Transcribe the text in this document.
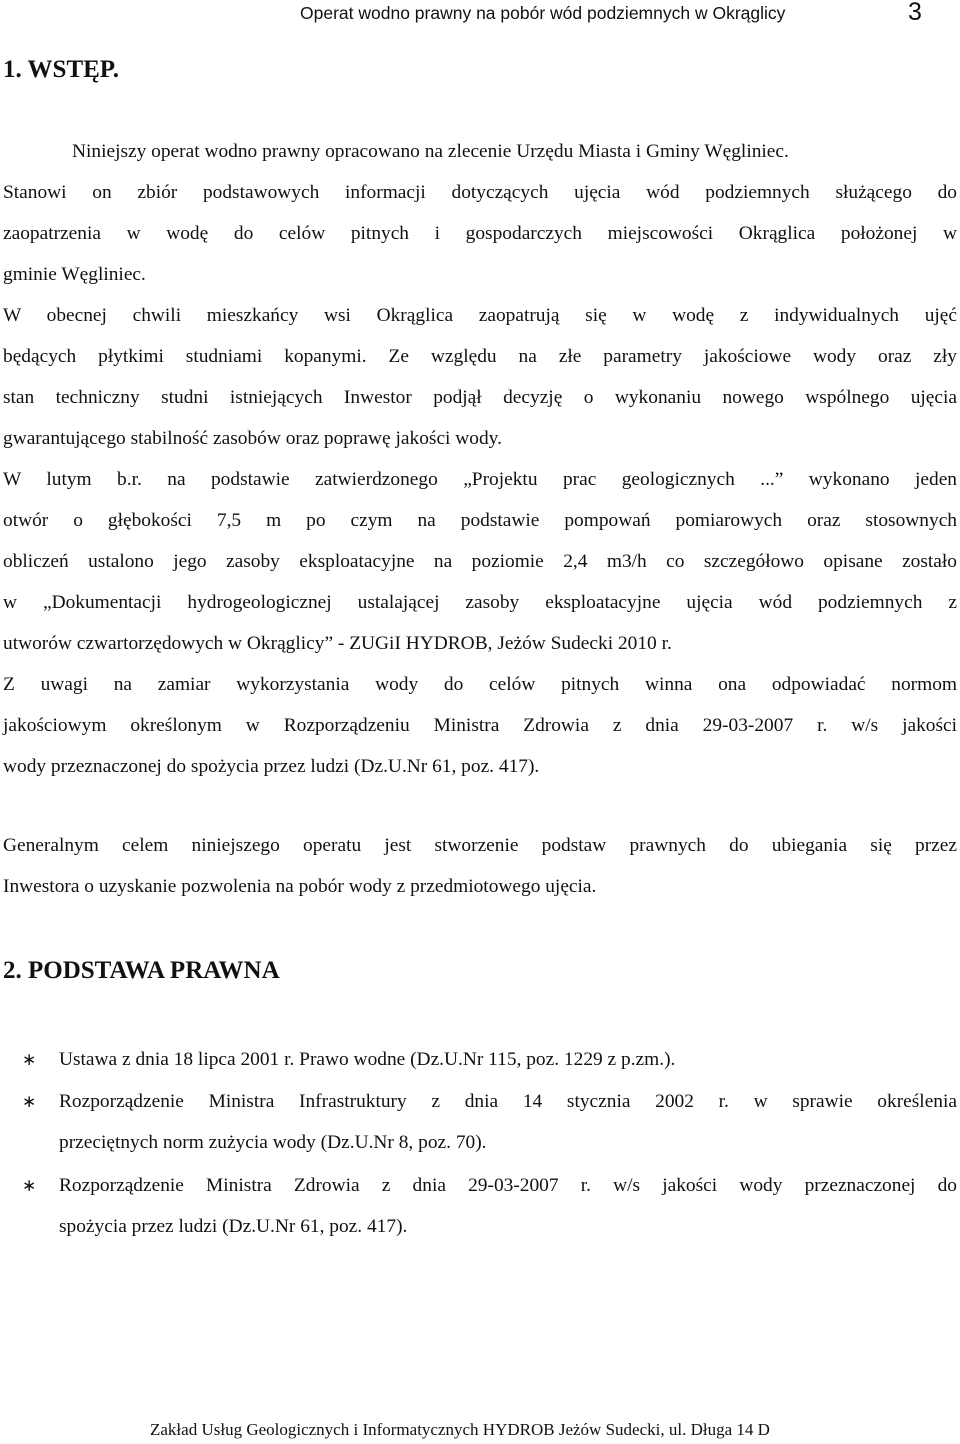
Operat wodno prawny na pobór wód podziemnych w Okrąglicy	3
1. WSTĘP.
Niniejszy operat wodno prawny opracowano na zlecenie Urzędu Miasta i Gminy Węgliniec.
Stanowi on zbiór podstawowych informacji dotyczących ujęcia wód podziemnych służącego do
zaopatrzenia w wodę do celów pitnych i gospodarczych miejscowości Okrąglica położonej w
gminie Węgliniec.
W obecnej chwili mieszkańcy wsi Okrąglica zaopatrują się w wodę z indywidualnych ujęć
będących płytkimi studniami kopanymi. Ze względu na złe parametry jakościowe wody oraz zły
stan techniczny studni istniejących Inwestor podjął decyzję o wykonaniu nowego wspólnego ujęcia
gwarantującego stabilność zasobów oraz poprawę jakości wody.
W lutym b.r. na podstawie zatwierdzonego „Projektu prac geologicznych ...” wykonano jeden
otwór o głębokości 7,5 m po czym na podstawie pompowań pomiarowych oraz stosownych
obliczeń ustalono jego zasoby eksploatacyjne na poziomie 2,4 m3/h co szczegółowo opisane zostało
w „Dokumentacji hydrogeologicznej ustalającej zasoby eksploatacyjne ujęcia wód podziemnych z
utworów czwartorzędowych w Okrąglicy” - ZUGiI HYDROB, Jeżów Sudecki 2010 r.
Z uwagi na zamiar wykorzystania wody do celów pitnych winna ona odpowiadać normom
jakościowym określonym w Rozporządzeniu Ministra Zdrowia z dnia 29-03-2007 r. w/s jakości
wody przeznaczonej do spożycia przez ludzi (Dz.U.Nr 61, poz. 417).
Generalnym celem niniejszego operatu jest stworzenie podstaw prawnych do ubiegania się przez
Inwestora o uzyskanie pozwolenia na pobór wody z przedmiotowego ujęcia.
2. PODSTAWA PRAWNA
∗ Ustawa z dnia 18 lipca 2001 r. Prawo wodne (Dz.U.Nr 115, poz. 1229 z p.zm.).
∗ Rozporządzenie Ministra Infrastruktury z dnia 14 stycznia 2002 r. w sprawie określenia
przeciętnych norm zużycia wody (Dz.U.Nr 8, poz. 70).
∗ Rozporządzenie Ministra Zdrowia z dnia 29-03-2007 r. w/s jakości wody przeznaczonej do
spożycia przez ludzi (Dz.U.Nr 61, poz. 417).
Zakład Usług Geologicznych i Informatycznych HYDROB Jeżów Sudecki, ul. Długa 14 D
